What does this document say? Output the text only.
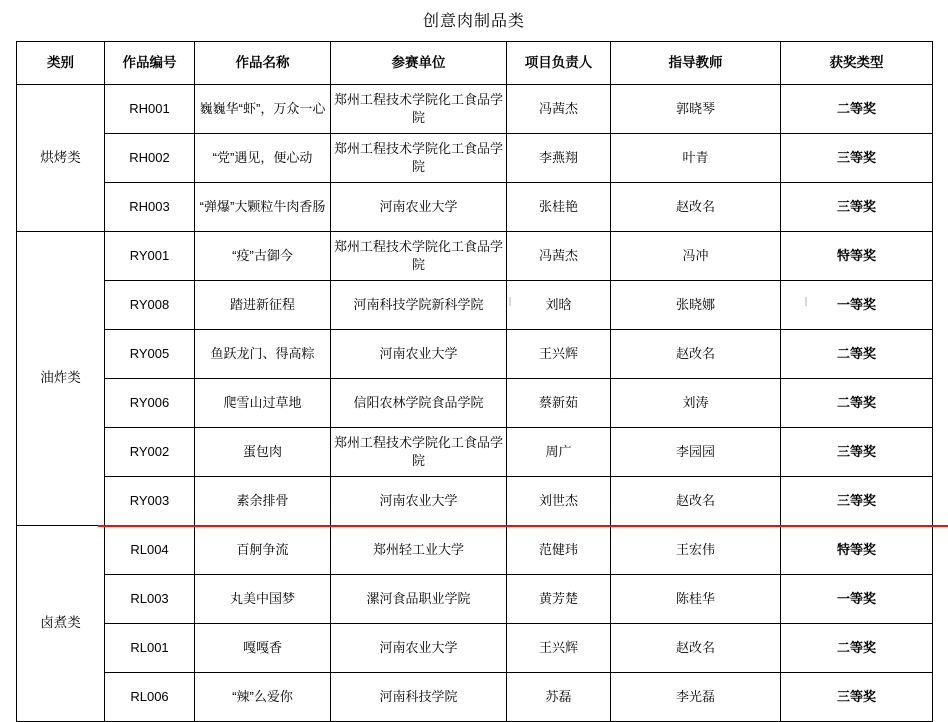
创意肉制品类
类别	作品编号	作品名称	参赛单位	项目负责人	指导教师	获奖类型
烘烤类	RH001	巍巍华“虾”，万众一心	郑州工程技术学院化工食品学院	冯茜杰	郭晓琴	二等奖
	RH002	“党”遇见，便心动	郑州工程技术学院化工食品学院	李燕翔	叶青	三等奖
	RH003	“弹爆”大颗粒牛肉香肠	河南农业大学	张桂艳	赵改名	三等奖
油炸类	RY001	“疫”古御今	郑州工程技术学院化工食品学院	冯茜杰	冯冲	特等奖
	RY008	踏进新征程	河南科技学院新科学院	刘晗	张晓娜	一等奖
	RY005	鱼跃龙门、得高粽	河南农业大学	王兴辉	赵改名	二等奖
	RY006	爬雪山过草地	信阳农林学院食品学院	蔡新茹	刘涛	二等奖
	RY002	蛋包肉	郑州工程技术学院化工食品学院	周广	李园园	三等奖
	RY003	素余排骨	河南农业大学	刘世杰	赵改名	三等奖
卤煮类	RL004	百舸争流	郑州轻工业大学	范健玮	王宏伟	特等奖
	RL003	丸美中国梦	漯河食品职业学院	黄芳楚	陈桂华	一等奖
	RL001	嘎嘎香	河南农业大学	王兴辉	赵改名	二等奖
	RL006	“辣”么爱你	河南科技学院	苏磊	李光磊	三等奖
